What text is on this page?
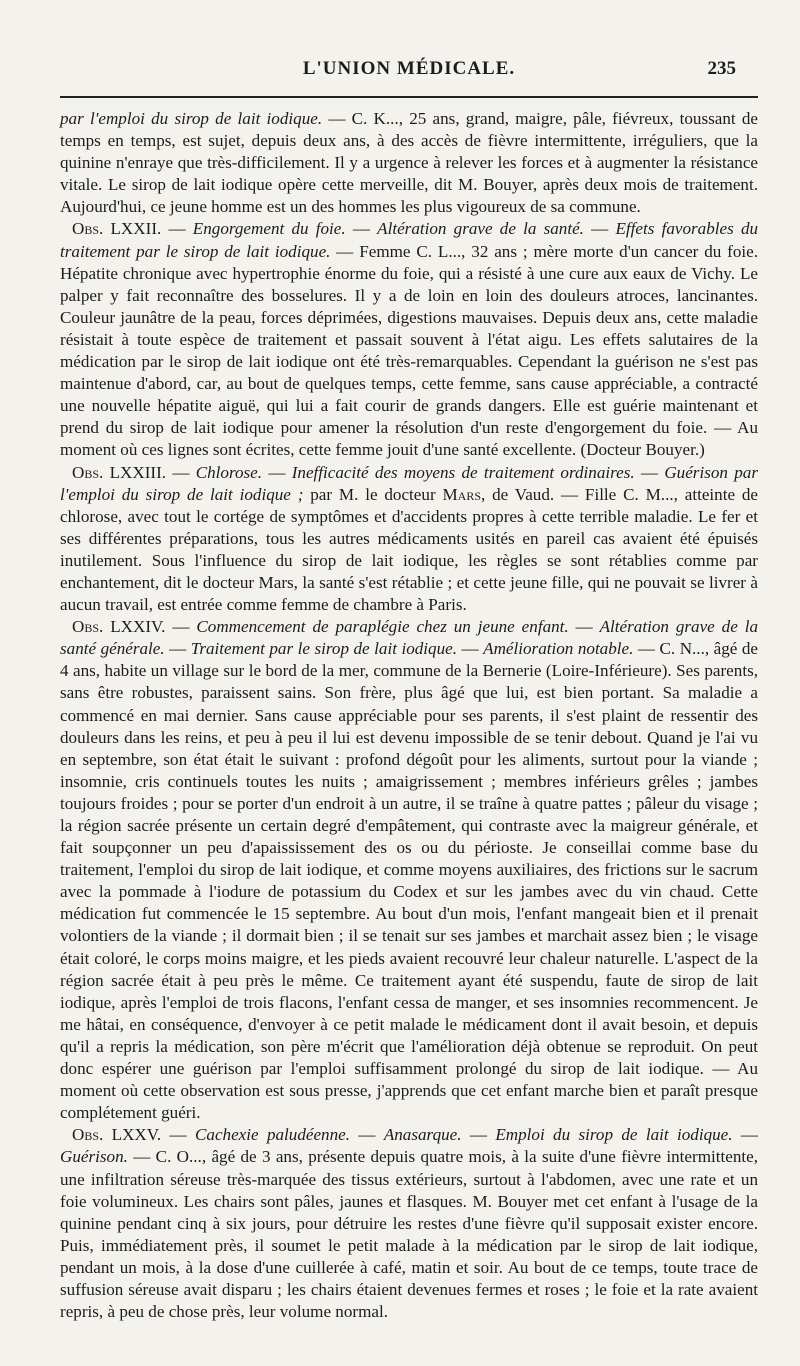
L'UNION MÉDICALE.	235

par l'emploi du sirop de lait iodique. — C. K..., 25 ans, grand, maigre, pâle, fiévreux, toussant de temps en temps, est sujet, depuis deux ans, à des accès de fièvre intermittente, irréguliers, que la quinine n'enraye que très-difficilement. Il y a urgence à relever les forces et à augmenter la résistance vitale. Le sirop de lait iodique opère cette merveille, dit M. Bouyer, après deux mois de traitement. Aujourd'hui, ce jeune homme est un des hommes les plus vigoureux de sa commune.

Obs. LXXII. — Engorgement du foie. — Altération grave de la santé. — Effets favorables du traitement par le sirop de lait iodique. — Femme C. L..., 32 ans ; mère morte d'un cancer du foie. Hépatite chronique avec hypertrophie énorme du foie, qui a résisté à une cure aux eaux de Vichy. Le palper y fait reconnaître des bosselures. Il y a de loin en loin des douleurs atroces, lancinantes. Couleur jaunâtre de la peau, forces déprimées, digestions mauvaises. Depuis deux ans, cette maladie résistait à toute espèce de traitement et passait souvent à l'état aigu. Les effets salutaires de la médication par le sirop de lait iodique ont été très-remarquables. Cependant la guérison ne s'est pas maintenue d'abord, car, au bout de quelques temps, cette femme, sans cause appréciable, a contracté une nouvelle hépatite aiguë, qui lui a fait courir de grands dangers. Elle est guérie maintenant et prend du sirop de lait iodique pour amener la résolution d'un reste d'engorgement du foie. — Au moment où ces lignes sont écrites, cette femme jouit d'une santé excellente. (Docteur Bouyer.)

Obs. LXXIII. — Chlorose. — Inefficacité des moyens de traitement ordinaires. — Guérison par l'emploi du sirop de lait iodique ; par M. le docteur Mars, de Vaud. — Fille C. M..., atteinte de chlorose, avec tout le cortége de symptômes et d'accidents propres à cette terrible maladie. Le fer et ses différentes préparations, tous les autres médicaments usités en pareil cas avaient été épuisés inutilement. Sous l'influence du sirop de lait iodique, les règles se sont rétablies comme par enchantement, dit le docteur Mars, la santé s'est rétablie ; et cette jeune fille, qui ne pouvait se livrer à aucun travail, est entrée comme femme de chambre à Paris.

Obs. LXXIV. — Commencement de paraplégie chez un jeune enfant. — Altération grave de la santé générale. — Traitement par le sirop de lait iodique. — Amélioration notable. — C. N..., âgé de 4 ans, habite un village sur le bord de la mer, commune de la Bernerie (Loire-Inférieure). Ses parents, sans être robustes, paraissent sains. Son frère, plus âgé que lui, est bien portant. Sa maladie a commencé en mai dernier. Sans cause appréciable pour ses parents, il s'est plaint de ressentir des douleurs dans les reins, et peu à peu il lui est devenu impossible de se tenir debout. Quand je l'ai vu en septembre, son état était le suivant : profond dégoût pour les aliments, surtout pour la viande ; insomnie, cris continuels toutes les nuits ; amaigrissement ; membres inférieurs grêles ; jambes toujours froides ; pour se porter d'un endroit à un autre, il se traîne à quatre pattes ; pâleur du visage ; la région sacrée présente un certain degré d'empâtement, qui contraste avec la maigreur générale, et fait soupçonner un peu d'apaississement des os ou du périoste. Je conseillai comme base du traitement, l'emploi du sirop de lait iodique, et comme moyens auxiliaires, des frictions sur le sacrum avec la pommade à l'iodure de potassium du Codex et sur les jambes avec du vin chaud. Cette médication fut commencée le 15 septembre. Au bout d'un mois, l'enfant mangeait bien et il prenait volontiers de la viande ; il dormait bien ; il se tenait sur ses jambes et marchait assez bien ; le visage était coloré, le corps moins maigre, et les pieds avaient recouvré leur chaleur naturelle. L'aspect de la région sacrée était à peu près le même. Ce traitement ayant été suspendu, faute de sirop de lait iodique, après l'emploi de trois flacons, l'enfant cessa de manger, et ses insomnies recommencent. Je me hâtai, en conséquence, d'envoyer à ce petit malade le médicament dont il avait besoin, et depuis qu'il a repris la médication, son père m'écrit que l'amélioration déjà obtenue se reproduit. On peut donc espérer une guérison par l'emploi suffisamment prolongé du sirop de lait iodique. — Au moment où cette observation est sous presse, j'apprends que cet enfant marche bien et paraît presque complétement guéri.

Obs. LXXV. — Cachexie paludéenne. — Anasarque. — Emploi du sirop de lait iodique. — Guérison. — C. O..., âgé de 3 ans, présente depuis quatre mois, à la suite d'une fièvre intermittente, une infiltration séreuse très-marquée des tissus extérieurs, surtout à l'abdomen, avec une rate et un foie volumineux. Les chairs sont pâles, jaunes et flasques. M. Bouyer met cet enfant à l'usage de la quinine pendant cinq à six jours, pour détruire les restes d'une fièvre qu'il supposait exister encore. Puis, immédiatement près, il soumet le petit malade à la médication par le sirop de lait iodique, pendant un mois, à la dose d'une cuillerée à café, matin et soir. Au bout de ce temps, toute trace de suffusion séreuse avait disparu ; les chairs étaient devenues fermes et roses ; le foie et la rate avaient repris, à peu de chose près, leur volume normal.
